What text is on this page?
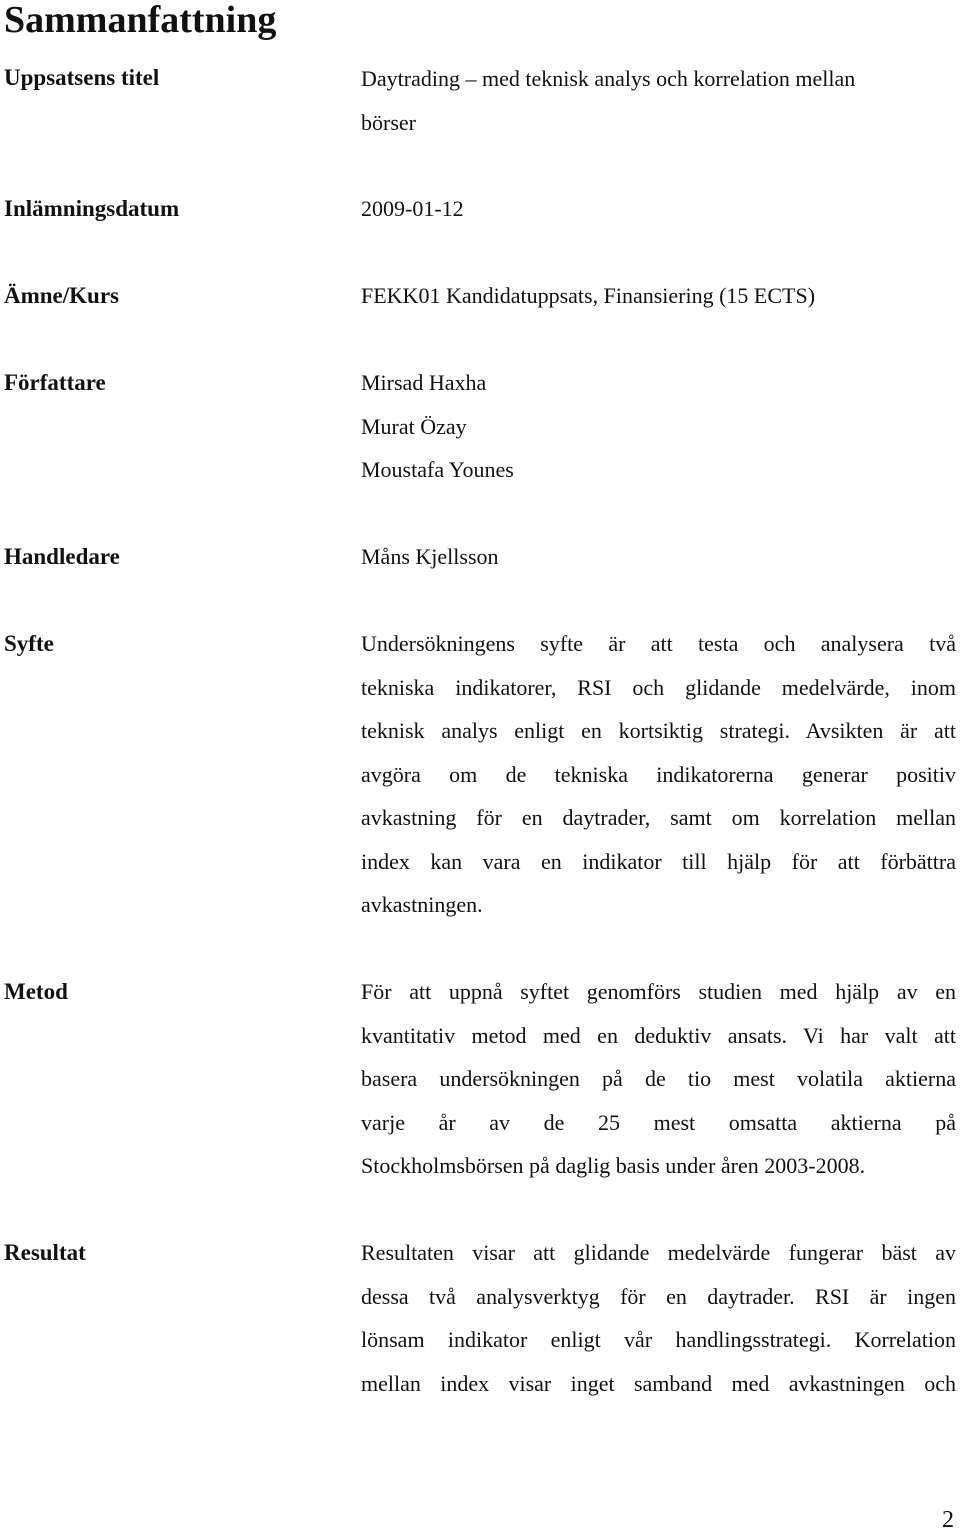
Sammanfattning

Uppsatsens titel	Daytrading – med teknisk analys och korrelation mellan
börser

Inlämningsdatum	2009-01-12

Ämne/Kurs	FEKK01 Kandidatuppsats, Finansiering (15 ECTS)

Författare	Mirsad Haxha
Murat Özay
Moustafa Younes

Handledare	Måns Kjellsson

Syfte	Undersökningens syfte är att testa och analysera två
tekniska indikatorer, RSI och glidande medelvärde, inom
teknisk analys enligt en kortsiktig strategi. Avsikten är att
avgöra om de tekniska indikatorerna generar positiv
avkastning för en daytrader, samt om korrelation mellan
index kan vara en indikator till hjälp för att förbättra
avkastningen.

Metod	För att uppnå syftet genomförs studien med hjälp av en
kvantitativ metod med en deduktiv ansats. Vi har valt att
basera undersökningen på de tio mest volatila aktierna
varje år av de 25 mest omsatta aktierna på
Stockholmsbörsen på daglig basis under åren 2003-2008.

Resultat	Resultaten visar att glidande medelvärde fungerar bäst av
dessa två analysverktyg för en daytrader. RSI är ingen
lönsam indikator enligt vår handlingsstrategi. Korrelation
mellan index visar inget samband med avkastningen och

2
